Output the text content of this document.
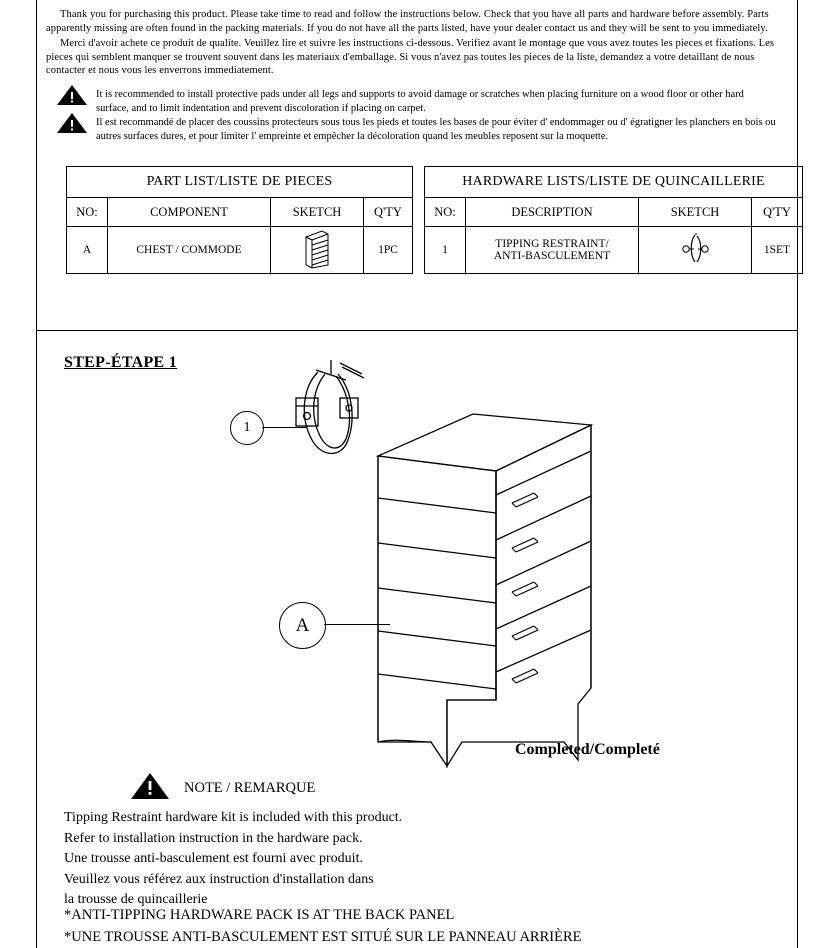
Thank you for purchasing this product. Please take time to read and follow the instructions below. Check that you have all parts and hardware before assembly. Parts apparently missing are often found in the packing materials. If you do not have all the parts listed, have your dealer contact us and they will be sent to you immediately.

Merci d'avoir achete ce produit de qualite. Veuillez lire et suivre les instructions ci-dessous. Verifiez avant le montage que vous avez toutes les pieces et fixations. Les pieces qui semblent manquer se trouvent souvent dans les materiaux d'emballage. Si vous n'avez pas toutes les pieces de la liste, demandez a votre detaillant de nous contacter et nous vous les enverrons immediatement.

It is recommended to install protective pads under all legs and supports to avoid damage or scratches when placing furniture on a wood floor or other hard surface, and to limit indentation and prevent discoloration if placing on carpet.
Il est recommandé de placer des coussins protecteurs sous tous les pieds et toutes les bases de pour éviter d' endommager ou d' égratigner les planchers en bois ou autres surfaces dures, et pour limiter l' empreinte et empêcher la décoloration quand les meubles reposent sur la moquette.
PART LIST/LISTE DE PIECES			
NO:	COMPONENT	SKETCH	Q'TY
A	CHEST / COMMODE		1PC
HARDWARE LISTS/LISTE DE QUINCAILLERIE			
NO:	DESCRIPTION	SKETCH	Q'TY
1	TIPPING RESTRAINT/
ANTI-BASCULEMENT		1SET
STEP-ÉTAPE 1
1
A
Completed/Completé
NOTE / REMARQUE
Tipping Restraint hardware kit is included with this product.
Refer to installation instruction in the hardware pack.
Une trousse anti-basculement est fourni avec produit.
Veuillez vous référez aux instruction d'installation dans
la trousse de quincaillerie
*ANTI-TIPPING HARDWARE PACK IS AT THE BACK PANEL
*UNE TROUSSE ANTI-BASCULEMENT EST SITUÉ SUR LE PANNEAU ARRIÈRE
